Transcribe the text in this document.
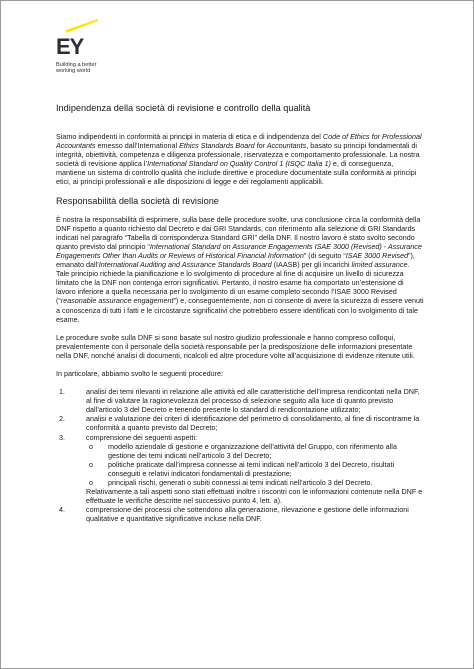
EY
Building a better
working world
Indipendenza della società di revisione e controllo della qualità

Siamo indipendenti in conformità ai principi in materia di etica e di indipendenza del Code of Ethics for Professional Accountants emesso dall’International Ethics Standards Board for Accountants, basato su principi fondamentali di integrità, obiettività, competenza e diligenza professionale, riservatezza e comportamento professionale. La nostra società di revisione applica l’International Standard on Quality Control 1 (ISQC Italia 1) e, di conseguenza, mantiene un sistema di controllo qualità che include direttive e procedure documentate sulla conformità ai principi etici, ai principi professionali e alle disposizioni di legge e dei regolamenti applicabili.

Responsabilità della società di revisione

È nostra la responsabilità di esprimere, sulla base delle procedure svolte, una conclusione circa la conformità della DNF rispetto a quanto richiesto dal Decreto e dai GRI Standards, con riferimento alla selezione di GRI Standards indicati nel paragrafo “Tabella di corrispondenza Standard GRI” della DNF. Il nostro lavoro è stato svolto secondo quanto previsto dal principio “International Standard on Assurance Engagements ISAE 3000 (Revised) - Assurance Engagements Other than Audits or Reviews of Historical Financial Information” (di seguito “ISAE 3000 Revised”), emanato dall’International Auditing and Assurance Standards Board (IAASB) per gli incarichi limited assurance. Tale principio richiede la pianificazione e lo svolgimento di procedure al fine di acquisire un livello di sicurezza limitato che la DNF non contenga errori significativi. Pertanto, il nostro esame ha comportato un’estensione di lavoro inferiore a quella necessaria per lo svolgimento di un esame completo secondo l’ISAE 3000 Revised (“reasonable assurance engagement”) e, conseguentemente, non ci consente di avere la sicurezza di essere venuti a conoscenza di tutti i fatti e le circostanze significativi che potrebbero essere identificati con lo svolgimento di tale esame.

Le procedure svolte sulla DNF si sono basate sul nostro giudizio professionale e hanno compreso colloqui, prevalentemente con il personale della società responsabile per la predisposizione delle informazioni presentate nella DNF, nonché analisi di documenti, ricalcoli ed altre procedure volte all’acquisizione di evidenze ritenute utili.

In particolare, abbiamo svolto le seguenti procedure:

1.	analisi dei temi rilevanti in relazione alle attività ed alle caratteristiche dell’impresa rendicontati nella DNF, al fine di valutare la ragionevolezza del processo di selezione seguito alla luce di quanto previsto dall’articolo 3 del Decreto e tenendo presente lo standard di rendicontazione utilizzato;
2.	analisi e valutazione dei criteri di identificazione del perimetro di consolidamento, al fine di riscontrarne la conformità a quanto previsto dal Decreto;
3.	comprensione dei seguenti aspetti:
o modello aziendale di gestione e organizzazione dell’attività del Gruppo, con riferimento alla gestione dei temi indicati nell’articolo 3 del Decreto;
o politiche praticate dall’impresa connesse ai temi indicati nell’articolo 3 del Decreto, risultati conseguiti e relativi indicatori fondamentali di prestazione;
o principali rischi, generati o subiti connessi ai temi indicati nell’articolo 3 del Decreto.
Relativamente a tali aspetti sono stati effettuati inoltre i riscontri con le informazioni contenute nella DNF e effettuate le verifiche descritte nel successivo punto 4, lett. a).
4.	comprensione dei processi che sottendono alla generazione, rilevazione e gestione delle informazioni qualitative e quantitative significative incluse nella DNF.
